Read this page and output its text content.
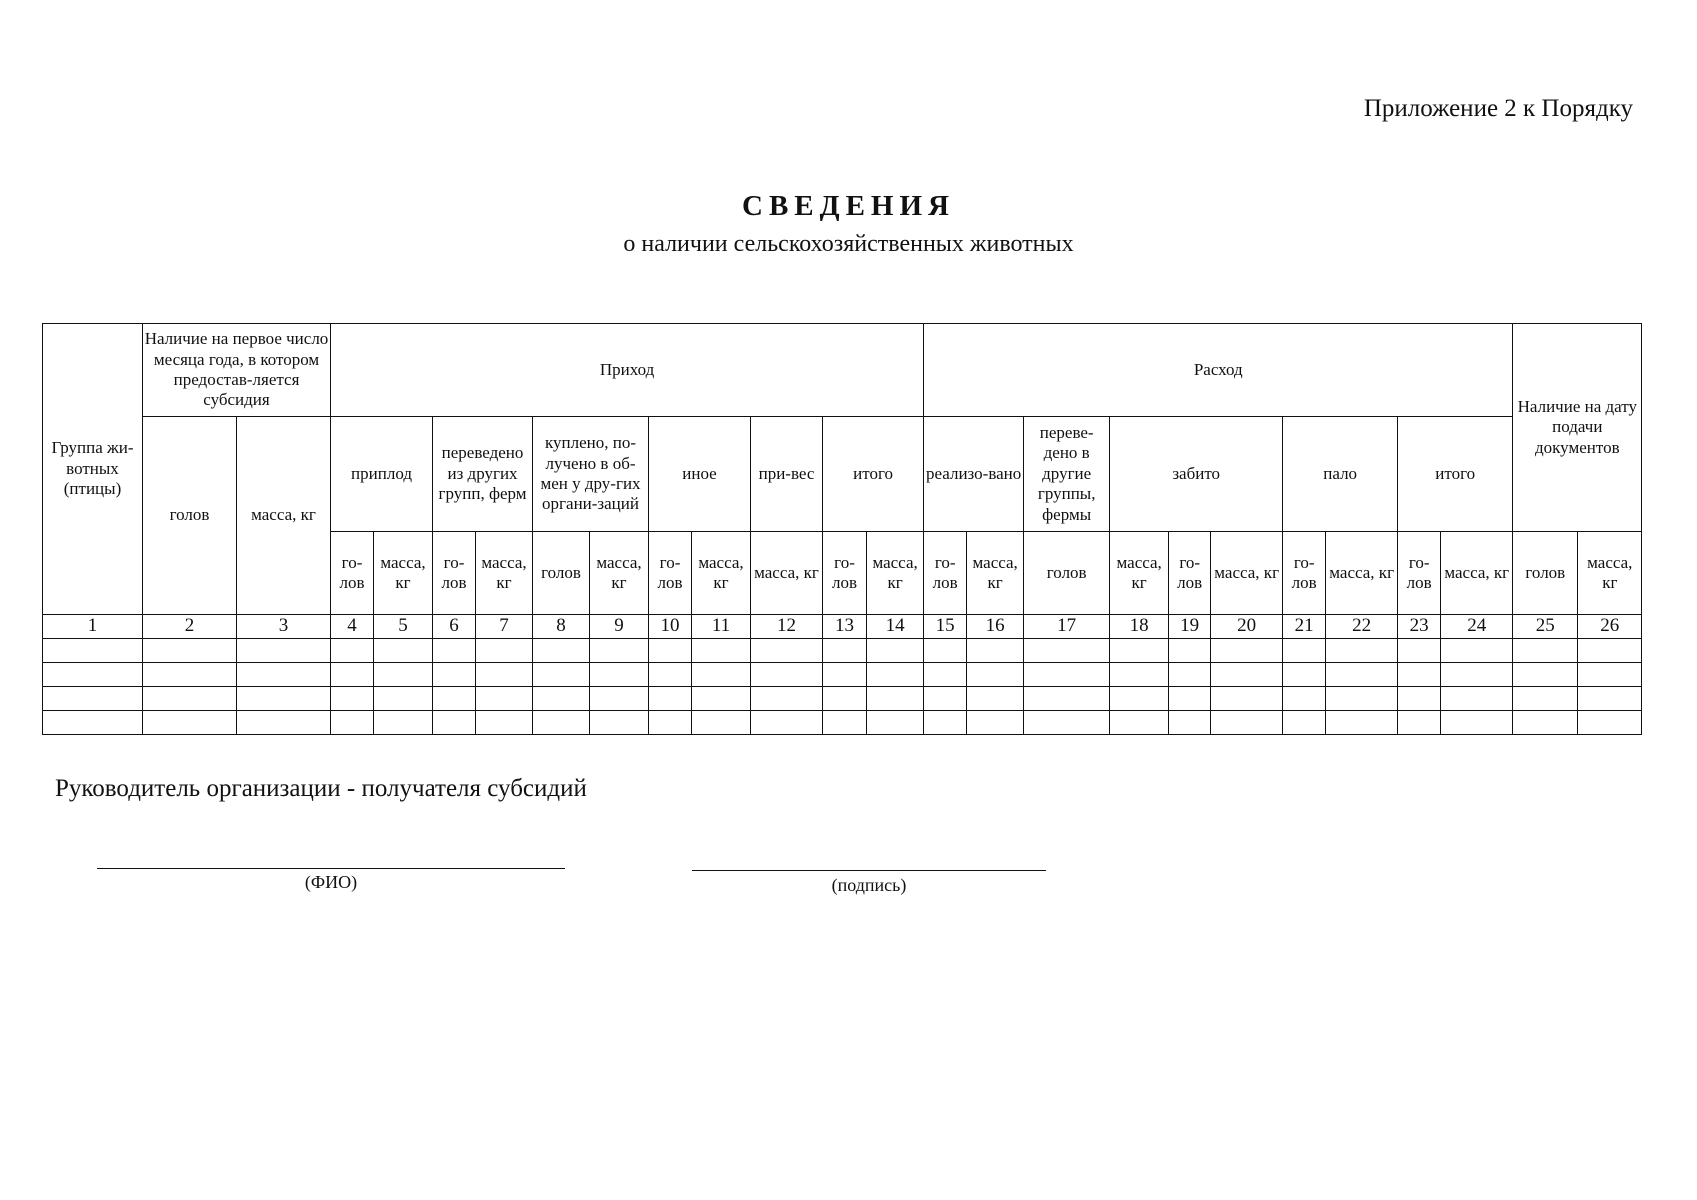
Приложение 2 к Порядку
СВЕДЕНИЯ
о наличии сельскохозяйственных животных
Группа жи-вотных (птицы)	Наличие на первое число месяца года, в котором предостав-ляется субсидия		Приход											Расход										Наличие на дату подачи документов	
	голов	масса, кг	приплод		переведено из других групп, ферм		куплено, по-лучено в об-мен у дру-гих органи-заций		иное		при-вес	итого		реализо-вано		переве-дено в другие группы, фермы	забито			пало		итого			
			го-лов	масса, кг	го-лов	масса, кг	голов	масса, кг	го-лов	масса, кг	масса, кг	го-лов	масса, кг	го-лов	масса, кг	голов	масса, кг	го-лов	масса, кг	го-лов	масса, кг	го-лов	масса, кг	голов	масса, кг
1	2	3	4	5	6	7	8	9	10	11	12	13	14	15	16	17	18	19	20	21	22	23	24	25	26

Руководитель организации - получателя субсидий
(ФИО)	(подпись)
